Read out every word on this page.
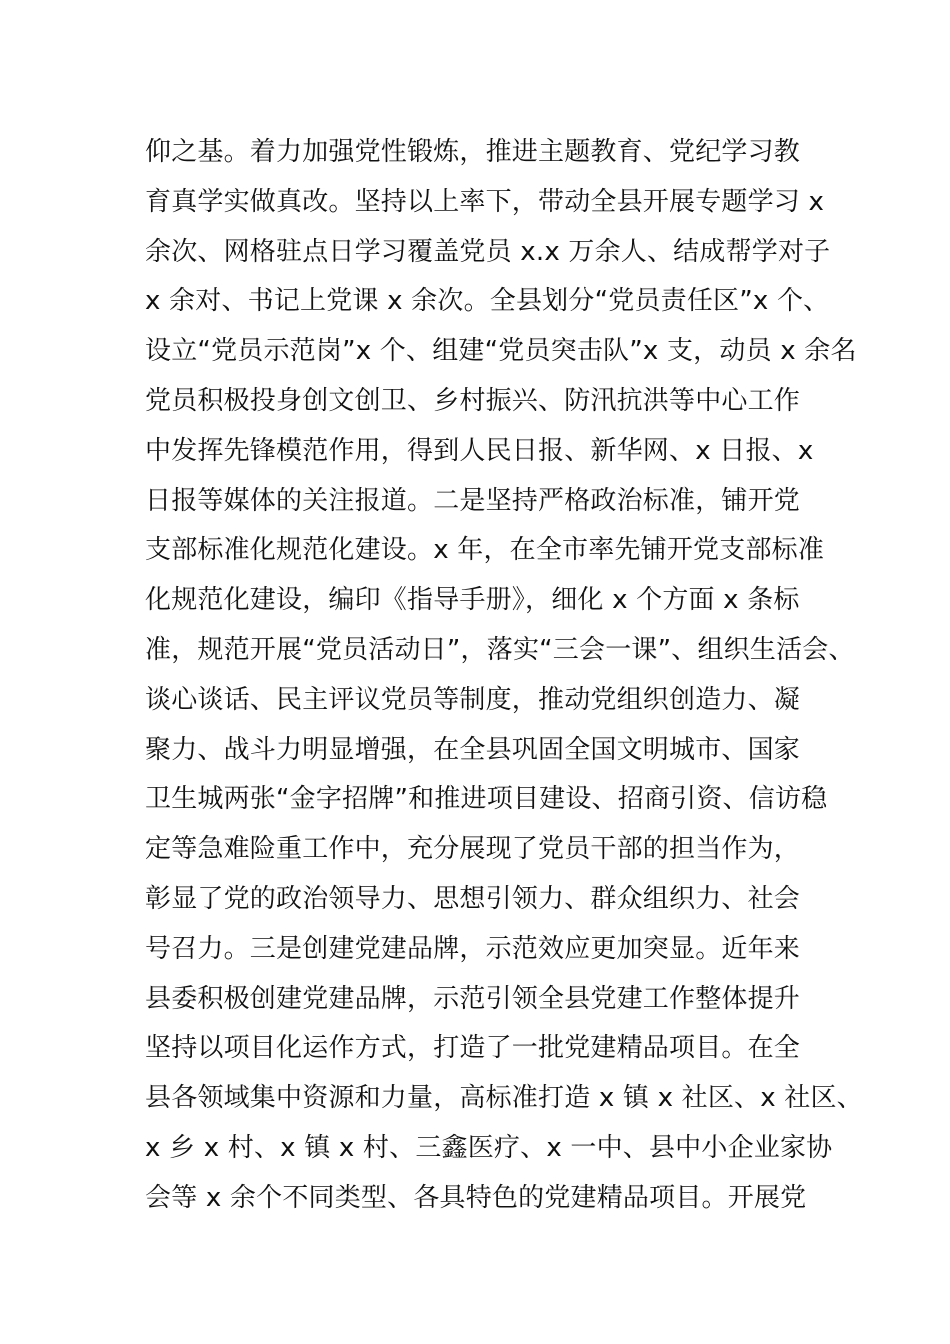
仰之基。着力加强党性锻炼，推进主题教育、党纪学习教
育真学实做真改。坚持以上率下，带动全县开展专题学习 x
余次、网格驻点日学习覆盖党员 x.x 万余人、结成帮学对子
x 余对、书记上党课 x 余次。全县划分“党员责任区”x 个、
设立“党员示范岗”x 个、组建“党员突击队”x 支，动员 x 余名
党员积极投身创文创卫、乡村振兴、防汛抗洪等中心工作
中发挥先锋模范作用，得到人民日报、新华网、x 日报、x
日报等媒体的关注报道。二是坚持严格政治标准，铺开党
支部标准化规范化建设。x 年，在全市率先铺开党支部标准
化规范化建设，编印《指导手册》，细化 x 个方面 x 条标
准，规范开展“党员活动日”，落实“三会一课”、组织生活会、
谈心谈话、民主评议党员等制度，推动党组织创造力、凝
聚力、战斗力明显增强，在全县巩固全国文明城市、国家
卫生城两张“金字招牌”和推进项目建设、招商引资、信访稳
定等急难险重工作中，充分展现了党员干部的担当作为，
彰显了党的政治领导力、思想引领力、群众组织力、社会
号召力。三是创建党建品牌，示范效应更加突显。近年来
县委积极创建党建品牌，示范引领全县党建工作整体提升
坚持以项目化运作方式，打造了一批党建精品项目。在全
县各领域集中资源和力量，高标准打造 x 镇 x 社区、x 社区、
x 乡 x 村、x 镇 x 村、三鑫医疗、x 一中、县中小企业家协
会等 x 余个不同类型、各具特色的党建精品项目。开展党
